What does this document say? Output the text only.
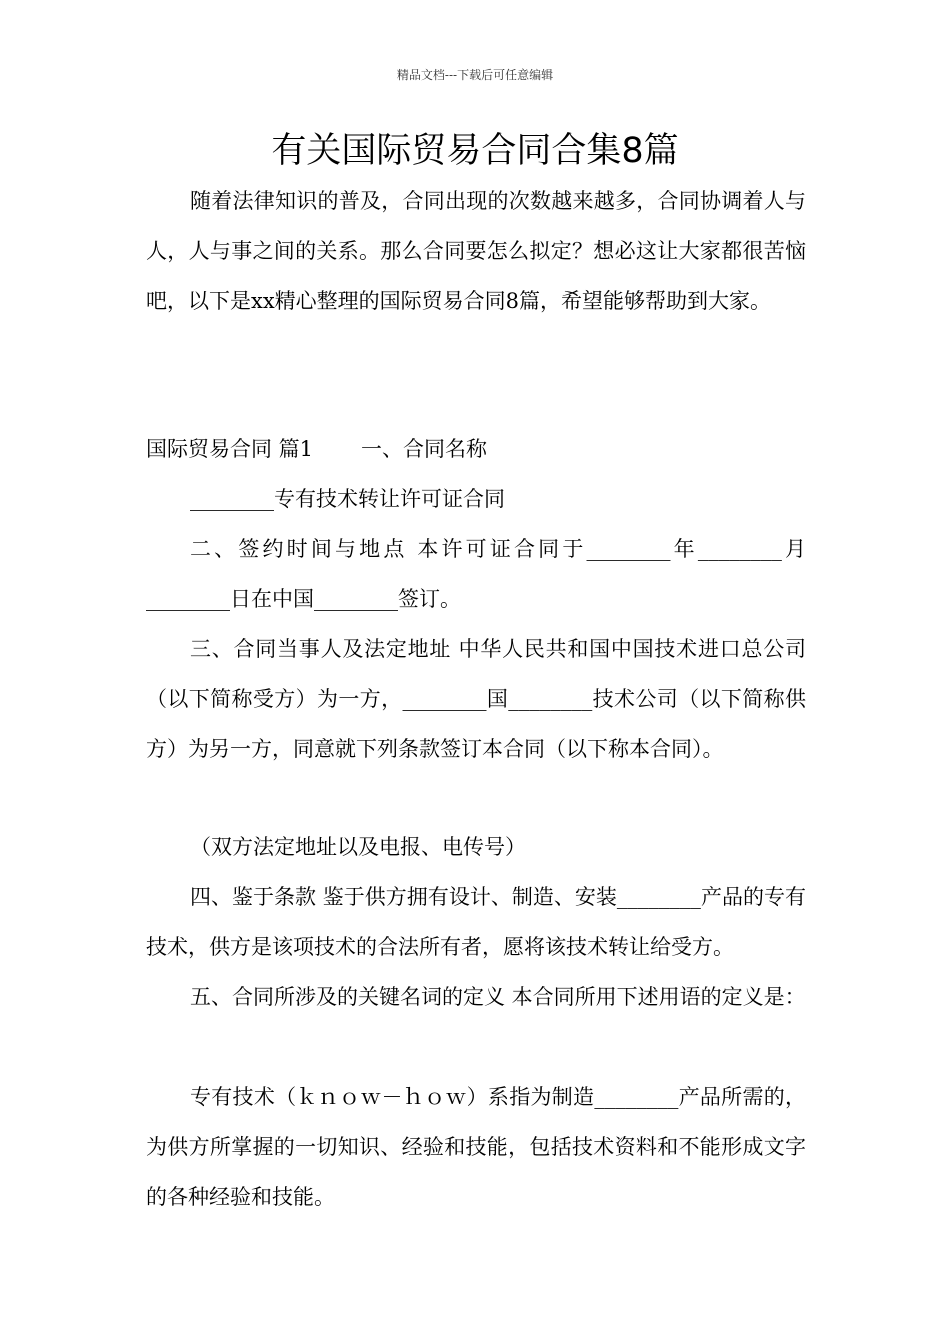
精品文档---下载后可任意编辑
有关国际贸易合同合集8篇

随着法律知识的普及，合同出现的次数越来越多，合同协调着人与人，人与事之间的关系。那么合同要怎么拟定？想必这让大家都很苦恼吧，以下是xx精心整理的国际贸易合同8篇，希望能够帮助到大家。

国际贸易合同 篇1 一、合同名称

________专有技术转让许可证合同

二、签约时间与地点 本许可证合同于________年________月________日在中国________签订。

三、合同当事人及法定地址 中华人民共和国中国技术进口总公司（以下简称受方）为一方，________国________技术公司（以下简称供方）为另一方，同意就下列条款签订本合同（以下称本合同）。

（双方法定地址以及电报、电传号）

四、鉴于条款 鉴于供方拥有设计、制造、安装________产品的专有技术，供方是该项技术的合法所有者，愿将该技术转让给受方。

五、合同所涉及的关键名词的定义 本合同所用下述用语的定义是：

专有技术（ｋｎｏｗ－ｈｏｗ）系指为制造________产品所需的，为供方所掌握的一切知识、经验和技能，包括技术资料和不能形成文字的各种经验和技能。
